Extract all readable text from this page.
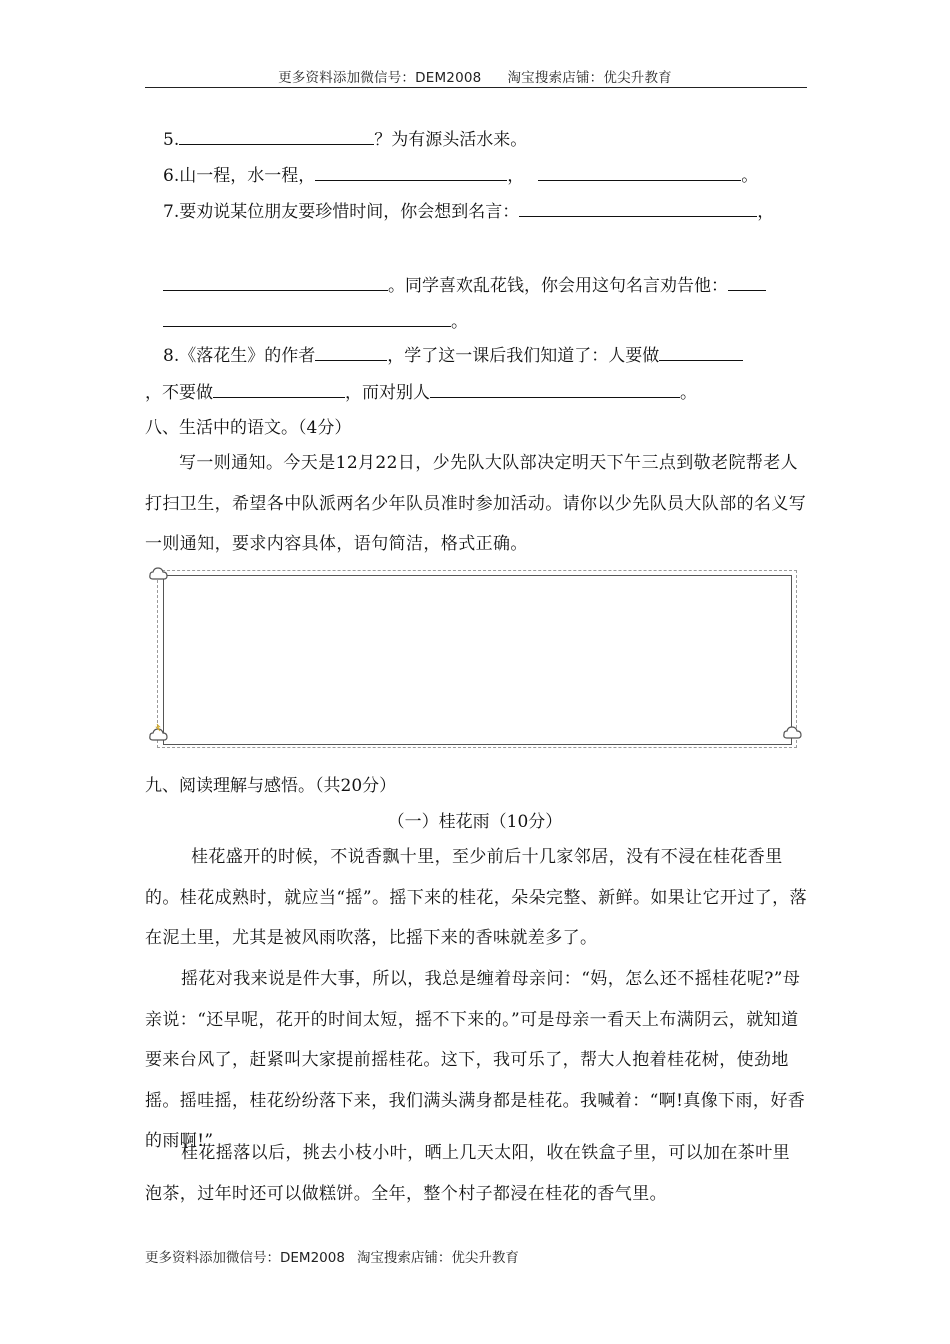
更多资料添加微信号：DEM2008 淘宝搜索店铺：优尖升教育
5.	？为有源头活水来。
6.山一程，水一程，	，	。
7.要劝说某位朋友要珍惜时间，你会想到名言：	，
。同学喜欢乱花钱，你会用这句名言劝告他：
。
8.《落花生》的作者	，学了这一课后我们知道了：人要做
，不要做	，而对别人	。
八、生活中的语文。（4分）
写一则通知。今天是12月22日，少先队大队部决定明天下午三点到敬老院帮老人打扫卫生，希望各中队派两名少年队员准时参加活动。请你以少先队员大队部的名义写一则通知，要求内容具体，语句简洁，格式正确。
九、阅读理解与感悟。（共20分）
（一）桂花雨（10分）
桂花盛开的时候，不说香飘十里，至少前后十几家邻居，没有不浸在桂花香里的。桂花成熟时，就应当“摇”。摇下来的桂花，朵朵完整、新鲜。如果让它开过了，落在泥土里，尤其是被风雨吹落，比摇下来的香味就差多了。
摇花对我来说是件大事，所以，我总是缠着母亲问：“妈，怎么还不摇桂花呢?”母亲说：“还早呢，花开的时间太短，摇不下来的。”可是母亲一看天上布满阴云，就知道要来台风了，赶紧叫大家提前摇桂花。这下，我可乐了，帮大人抱着桂花树，使劲地摇。摇哇摇，桂花纷纷落下来，我们满头满身都是桂花。我喊着：“啊!真像下雨，好香的雨啊!”
桂花摇落以后，挑去小枝小叶，晒上几天太阳，收在铁盒子里，可以加在茶叶里泡茶，过年时还可以做糕饼。全年，整个村子都浸在桂花的香气里。
更多资料添加微信号：DEM2008 淘宝搜索店铺：优尖升教育
